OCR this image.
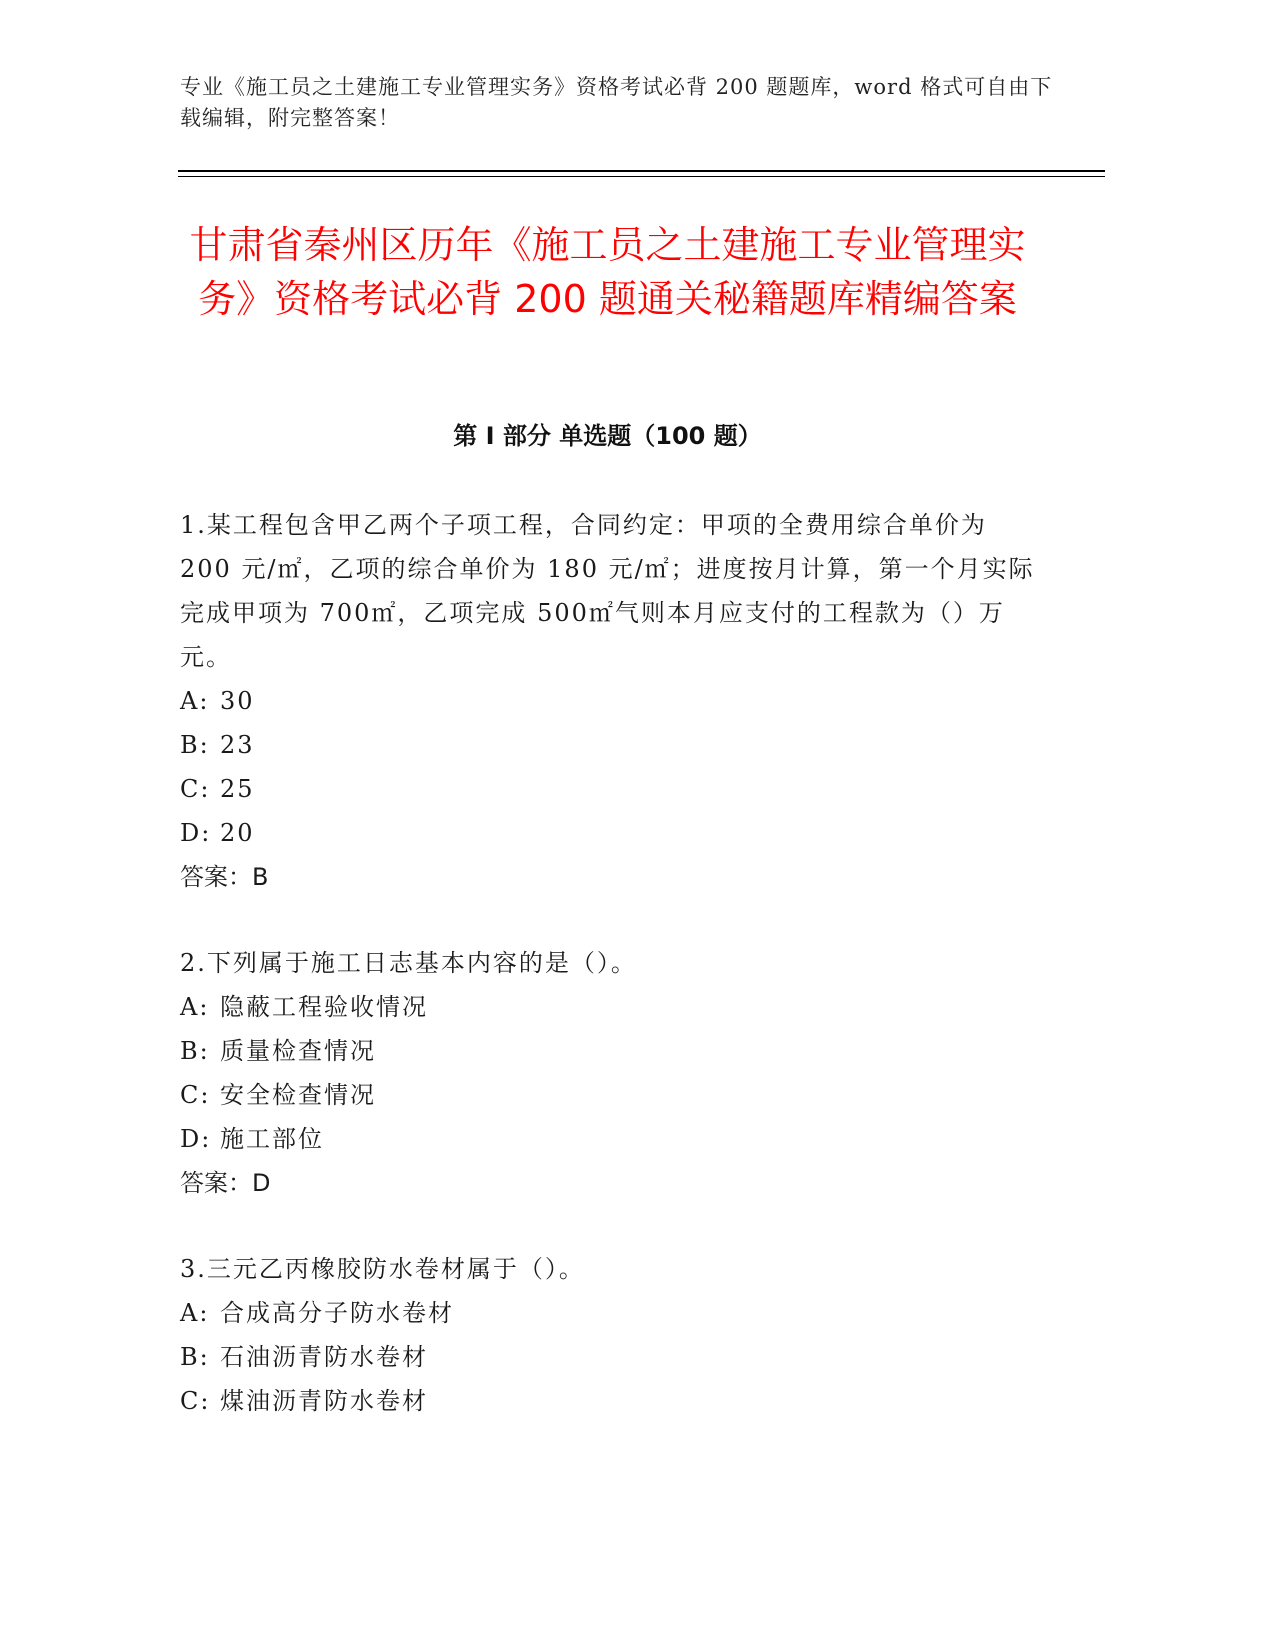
专业《施工员之土建施工专业管理实务》资格考试必背 200 题题库，word 格式可自由下载编辑，附完整答案！
甘肃省秦州区历年《施工员之土建施工专业管理实务》资格考试必背 200 题通关秘籍题库精编答案
第 I 部分 单选题（100 题）

1.某工程包含甲乙两个子项工程，合同约定：甲项的全费用综合单价为 200 元/㎡，乙项的综合单价为 180 元/㎡；进度按月计算，第一个月实际完成甲项为 700㎡，乙项完成 500㎡气则本月应支付的工程款为（）万元。

A: 30

B: 23

C: 25

D: 20

答案：B

2.下列属于施工日志基本内容的是（）。

A: 隐蔽工程验收情况

B: 质量检查情况

C: 安全检查情况

D: 施工部位

答案：D

3.三元乙丙橡胶防水卷材属于（）。

A: 合成高分子防水卷材

B: 石油沥青防水卷材

C: 煤油沥青防水卷材
